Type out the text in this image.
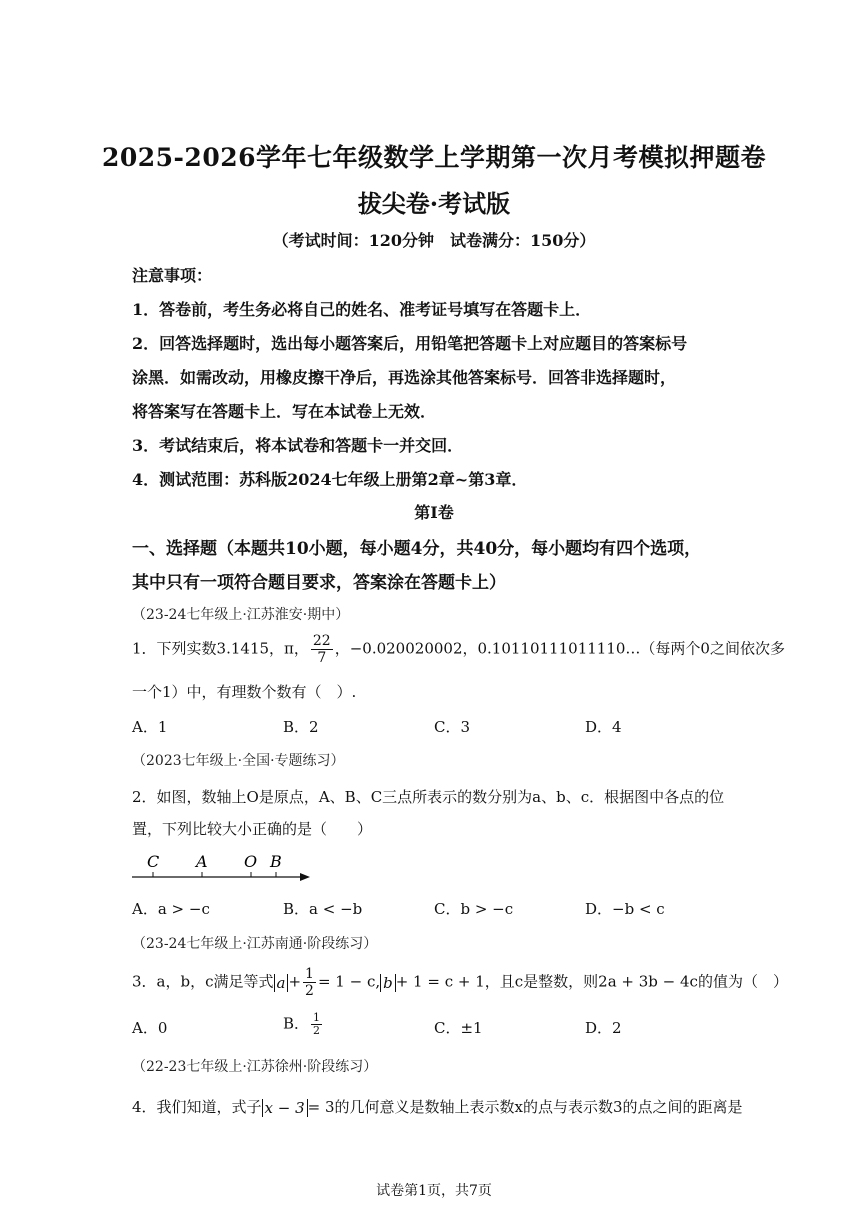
2025-2026学年七年级数学上学期第一次月考模拟押题卷
拔尖卷·考试版
（考试时间：120分钟　试卷满分：150分）
注意事项：
1．答卷前，考生务必将自己的姓名、准考证号填写在答题卡上．
2．回答选择题时，选出每小题答案后，用铅笔把答题卡上对应题目的答案标号
涂黑．如需改动，用橡皮擦干净后，再选涂其他答案标号．回答非选择题时，
将答案写在答题卡上．写在本试卷上无效．
3．考试结束后，将本试卷和答题卡一并交回．
4．测试范围：苏科版2024七年级上册第2章~第3章．
第Ⅰ卷
一、选择题（本题共10小题，每小题4分，共40分，每小题均有四个选项，
其中只有一项符合题目要求，答案涂在答题卡上）
（23-24七年级上·江苏淮安·期中）
1．下列实数3.1415，π， $\frac{22}{7}$ ，−0.020020002，0.10110111011110…（每两个0之间依次多
一个1）中，有理数个数有（　）.
A．1	B．2	C．3	D．4
（2023七年级上·全国·专题练习）
2．如图，数轴上O是原点，A、B、C三点所表示的数分别为a、b、c．根据图中各点的位
置，下列比较大小正确的是（　　）
C A O B
A．a > −c	B．a < −b	C．b > −c	D．−b < c
（23-24七年级上·江苏南通·阶段练习）
3．a，b，c满足等式 $a + \frac{1}{2} = 1 - c$, b + 1 = c + 1，且c是整数，则2a + 3b − 4c的值为（　）
A．0	B． $\frac{1}{2}$	C．±1	D．2
（22-23七年级上·江苏徐州·阶段练习）
4．我们知道，式子 x − 3 = 3的几何意义是数轴上表示数x的点与表示数3的点之间的距离是
试卷第1页，共7页
